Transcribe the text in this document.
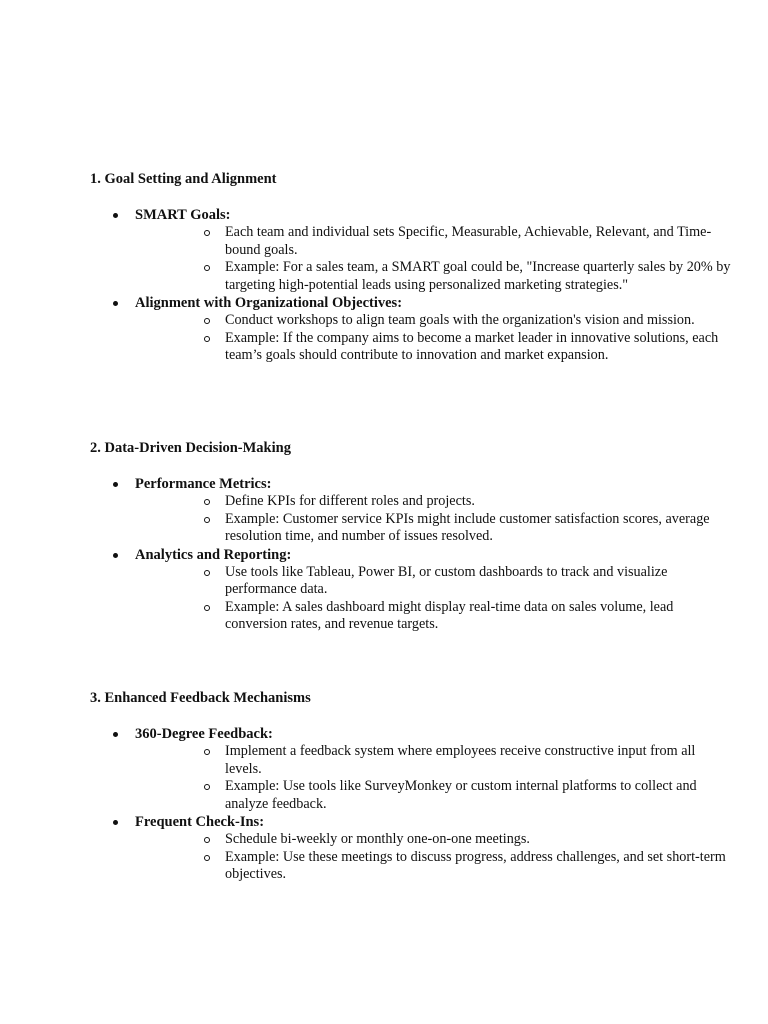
1. Goal Setting and Alignment
SMART Goals:
Each team and individual sets Specific, Measurable, Achievable, Relevant, and Time-bound goals.
Example: For a sales team, a SMART goal could be, "Increase quarterly sales by 20% by targeting high-potential leads using personalized marketing strategies."
Alignment with Organizational Objectives:
Conduct workshops to align team goals with the organization's vision and mission.
Example: If the company aims to become a market leader in innovative solutions, each team’s goals should contribute to innovation and market expansion.
2. Data-Driven Decision-Making
Performance Metrics:
Define KPIs for different roles and projects.
Example: Customer service KPIs might include customer satisfaction scores, average resolution time, and number of issues resolved.
Analytics and Reporting:
Use tools like Tableau, Power BI, or custom dashboards to track and visualize performance data.
Example: A sales dashboard might display real-time data on sales volume, lead conversion rates, and revenue targets.
3. Enhanced Feedback Mechanisms
360-Degree Feedback:
Implement a feedback system where employees receive constructive input from all levels.
Example: Use tools like SurveyMonkey or custom internal platforms to collect and analyze feedback.
Frequent Check-Ins:
Schedule bi-weekly or monthly one-on-one meetings.
Example: Use these meetings to discuss progress, address challenges, and set short-term objectives.
